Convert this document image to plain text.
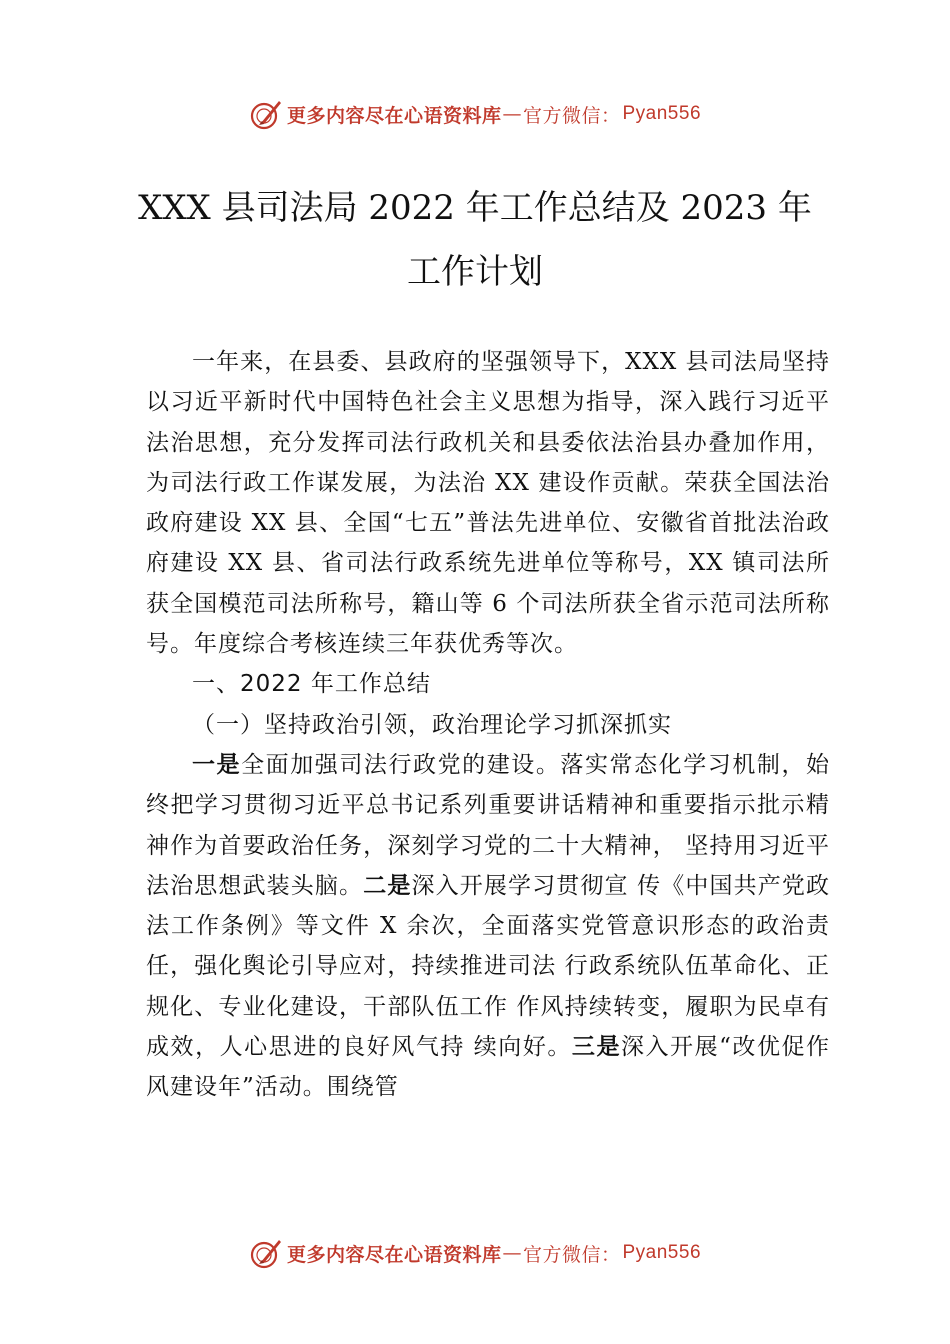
更多内容尽在心语资料库 — 官方微信： Pyan556
XXX 县司法局 2022 年工作总结及 2023 年
工作计划

一年来，在县委、县政府的坚强领导下，XXX 县司法局坚持以习近平新时代中国特色社会主义思想为指导，深入践行习近平法治思想，充分发挥司法行政机关和县委依法治县办叠加作用，为司法行政工作谋发展，为法治 XX 建设作贡献。荣获全国法治政府建设 XX 县、全国“七五”普法先进单位、安徽省首批法治政府建设 XX 县、省司法行政系统先进单位等称号，XX 镇司法所获全国模范司法所称号，籍山等 6 个司法所获全省示范司法所称号。年度综合考核连续三年获优秀等次。

一、2022 年工作总结

（一）坚持政治引领，政治理论学习抓深抓实

一是全面加强司法行政党的建设。落实常态化学习机制，始终把学习贯彻习近平总书记系列重要讲话精神和重要指示批示精神作为首要政治任务，深刻学习党的二十大精神， 坚持用习近平法治思想武装头脑。二是深入开展学习贯彻宣 传《中国共产党政法工作条例》等文件 X 余次，全面落实党管意识形态的政治责任，强化舆论引导应对，持续推进司法 行政系统队伍革命化、正规化、专业化建设，干部队伍工作 作风持续转变，履职为民卓有成效，人心思进的良好风气持 续向好。三是深入开展“改优促作风建设年”活动。围绕管

更多内容尽在心语资料库 — 官方微信： Pyan556
